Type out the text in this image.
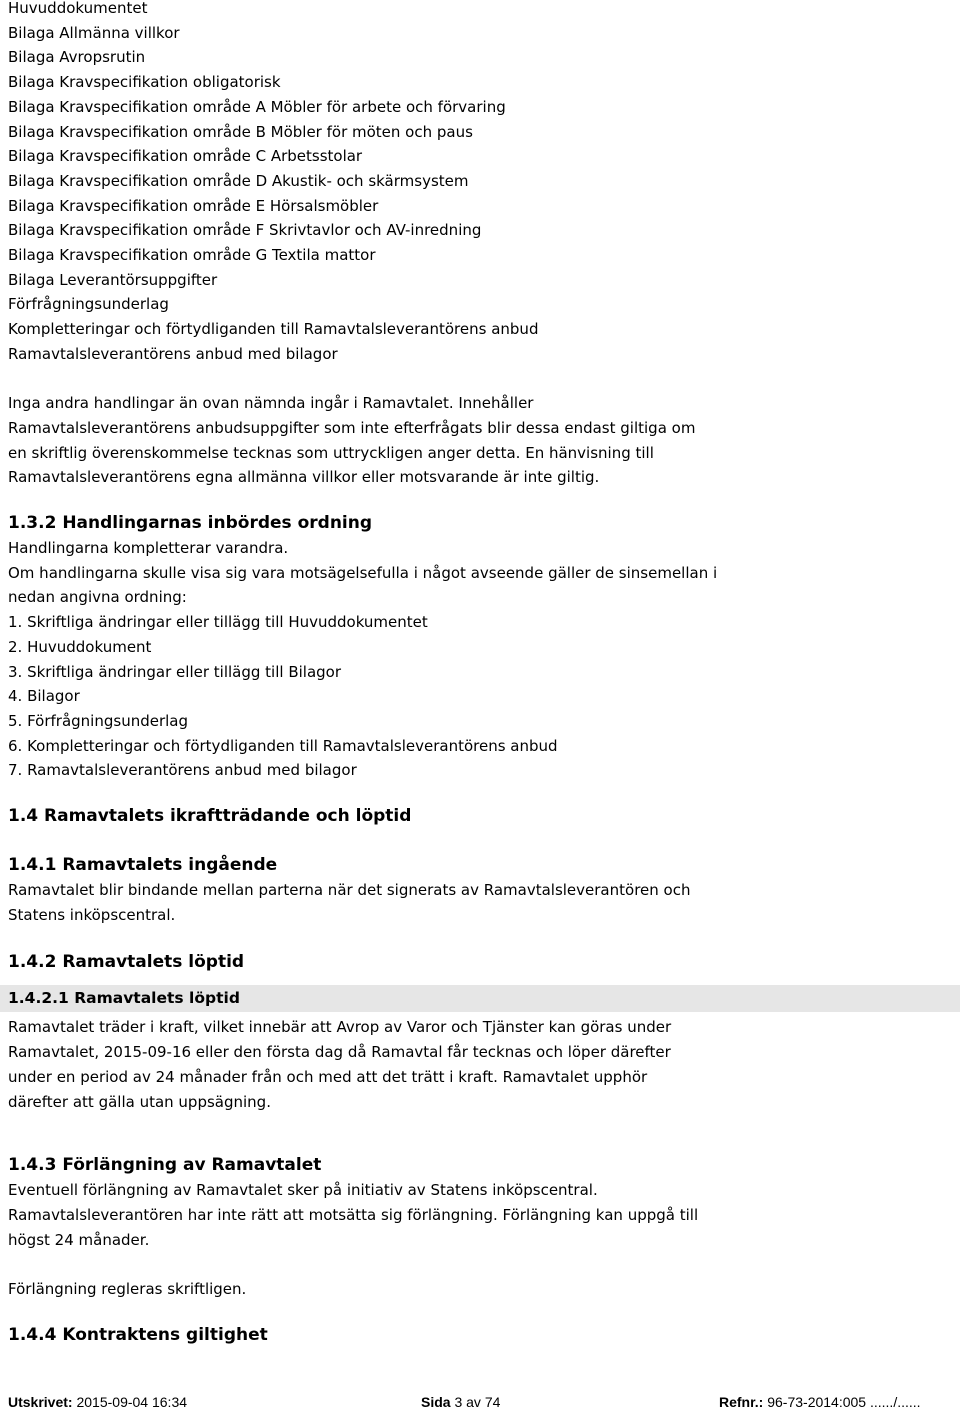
Huvuddokumentet
Bilaga Allmänna villkor
Bilaga Avropsrutin
Bilaga Kravspecifikation obligatorisk
Bilaga Kravspecifikation område A Möbler för arbete och förvaring
Bilaga Kravspecifikation område B Möbler för möten och paus
Bilaga Kravspecifikation område C Arbetsstolar
Bilaga Kravspecifikation område D Akustik- och skärmsystem
Bilaga Kravspecifikation område E Hörsalsmöbler
Bilaga Kravspecifikation område F Skrivtavlor och AV-inredning
Bilaga Kravspecifikation område G Textila mattor
Bilaga Leverantörsuppgifter
Förfrågningsunderlag
Kompletteringar och förtydliganden till Ramavtalsleverantörens anbud
Ramavtalsleverantörens anbud med bilagor
Inga andra handlingar än ovan nämnda ingår i Ramavtalet. Innehåller
Ramavtalsleverantörens anbudsuppgifter som inte efterfrågats blir dessa endast giltiga om
en skriftlig överenskommelse tecknas som uttryckligen anger detta. En hänvisning till
Ramavtalsleverantörens egna allmänna villkor eller motsvarande är inte giltig.
1.3.2 Handlingarnas inbördes ordning
Handlingarna kompletterar varandra.
Om handlingarna skulle visa sig vara motsägelsefulla i något avseende gäller de sinsemellan i
nedan angivna ordning:
1. Skriftliga ändringar eller tillägg till Huvuddokumentet
2. Huvuddokument
3. Skriftliga ändringar eller tillägg till Bilagor
4. Bilagor
5. Förfrågningsunderlag
6. Kompletteringar och förtydliganden till Ramavtalsleverantörens anbud
7. Ramavtalsleverantörens anbud med bilagor
1.4 Ramavtalets ikraftträdande och löptid
1.4.1 Ramavtalets ingående
Ramavtalet blir bindande mellan parterna när det signerats av Ramavtalsleverantören och
Statens inköpscentral.
1.4.2 Ramavtalets löptid
1.4.2.1 Ramavtalets löptid
Ramavtalet träder i kraft, vilket innebär att Avrop av Varor och Tjänster kan göras under
Ramavtalet, 2015-09-16 eller den första dag då Ramavtal får tecknas och löper därefter
under en period av 24 månader från och med att det trätt i kraft. Ramavtalet upphör
därefter att gälla utan uppsägning.
1.4.3 Förlängning av Ramavtalet
Eventuell förlängning av Ramavtalet sker på initiativ av Statens inköpscentral.
Ramavtalsleverantören har inte rätt att motsätta sig förlängning. Förlängning kan uppgå till
högst 24 månader.
Förlängning regleras skriftligen.
1.4.4 Kontraktens giltighet
Utskrivet: 2015-09-04 16:34	Sida 3 av 74	Refnr.: 96-73-2014:005 ....../......
